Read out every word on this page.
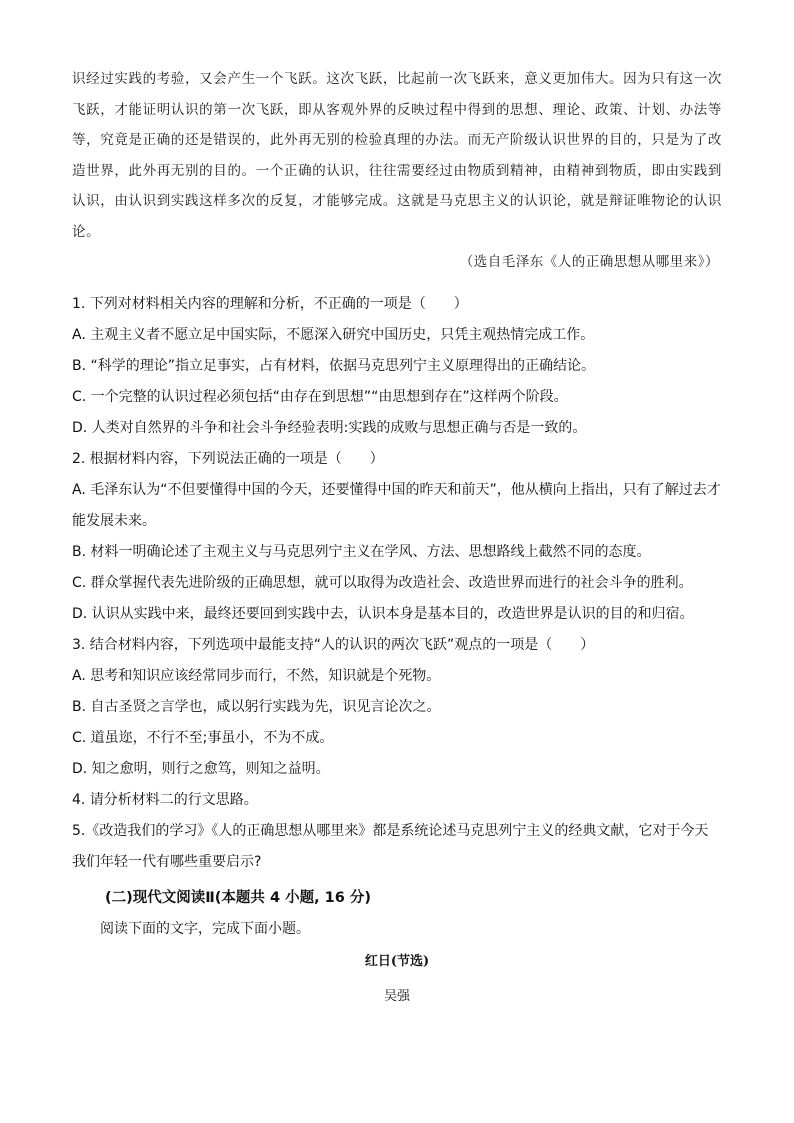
识经过实践的考验，又会产生一个飞跃。这次飞跃，比起前一次飞跃来，意义更加伟大。因为只有这一次飞跃，才能证明认识的第一次飞跃，即从客观外界的反映过程中得到的思想、理论、政策、计划、办法等等，究竟是正确的还是错误的，此外再无别的检验真理的办法。而无产阶级认识世界的目的，只是为了改造世界，此外再无别的目的。一个正确的认识，往往需要经过由物质到精神，由精神到物质，即由实践到认识，由认识到实践这样多次的反复，才能够完成。这就是马克思主义的认识论，就是辩证唯物论的认识论。
（选自毛泽东《人的正确思想从哪里来》）

1. 下列对材料相关内容的理解和分析，不正确的一项是（　　）

A. 主观主义者不愿立足中国实际，不愿深入研究中国历史，只凭主观热情完成工作。

B. “科学的理论”指立足事实，占有材料，依据马克思列宁主义原理得出的正确结论。

C. 一个完整的认识过程必须包括“由存在到思想”“由思想到存在”这样两个阶段。

D. 人类对自然界的斗争和社会斗争经验表明:实践的成败与思想正确与否是一致的。

2. 根据材料内容，下列说法正确的一项是（　　）

A. 毛泽东认为“不但要懂得中国的今天，还要懂得中国的昨天和前天”，他从横向上指出，只有了解过去才能发展未来。

B. 材料一明确论述了主观主义与马克思列宁主义在学风、方法、思想路线上截然不同的态度。

C. 群众掌握代表先进阶级的正确思想，就可以取得为改造社会、改造世界而进行的社会斗争的胜利。

D. 认识从实践中来，最终还要回到实践中去，认识本身是基本目的，改造世界是认识的目的和归宿。

3. 结合材料内容，下列选项中最能支持“人的认识的两次飞跃”观点的一项是（　　）

A. 思考和知识应该经常同步而行，不然，知识就是个死物。

B. 自古圣贤之言学也，咸以躬行实践为先，识见言论次之。

C. 道虽迩，不行不至;事虽小，不为不成。

D. 知之愈明，则行之愈笃，则知之益明。

4. 请分析材料二的行文思路。

5.《改造我们的学习》《人的正确思想从哪里来》都是系统论述马克思列宁主义的经典文献，它对于今天我们年轻一代有哪些重要启示?

(二)现代文阅读Ⅱ(本题共 4 小题, 16 分)
阅读下面的文字，完成下面小题。
红日(节选)
吴强
